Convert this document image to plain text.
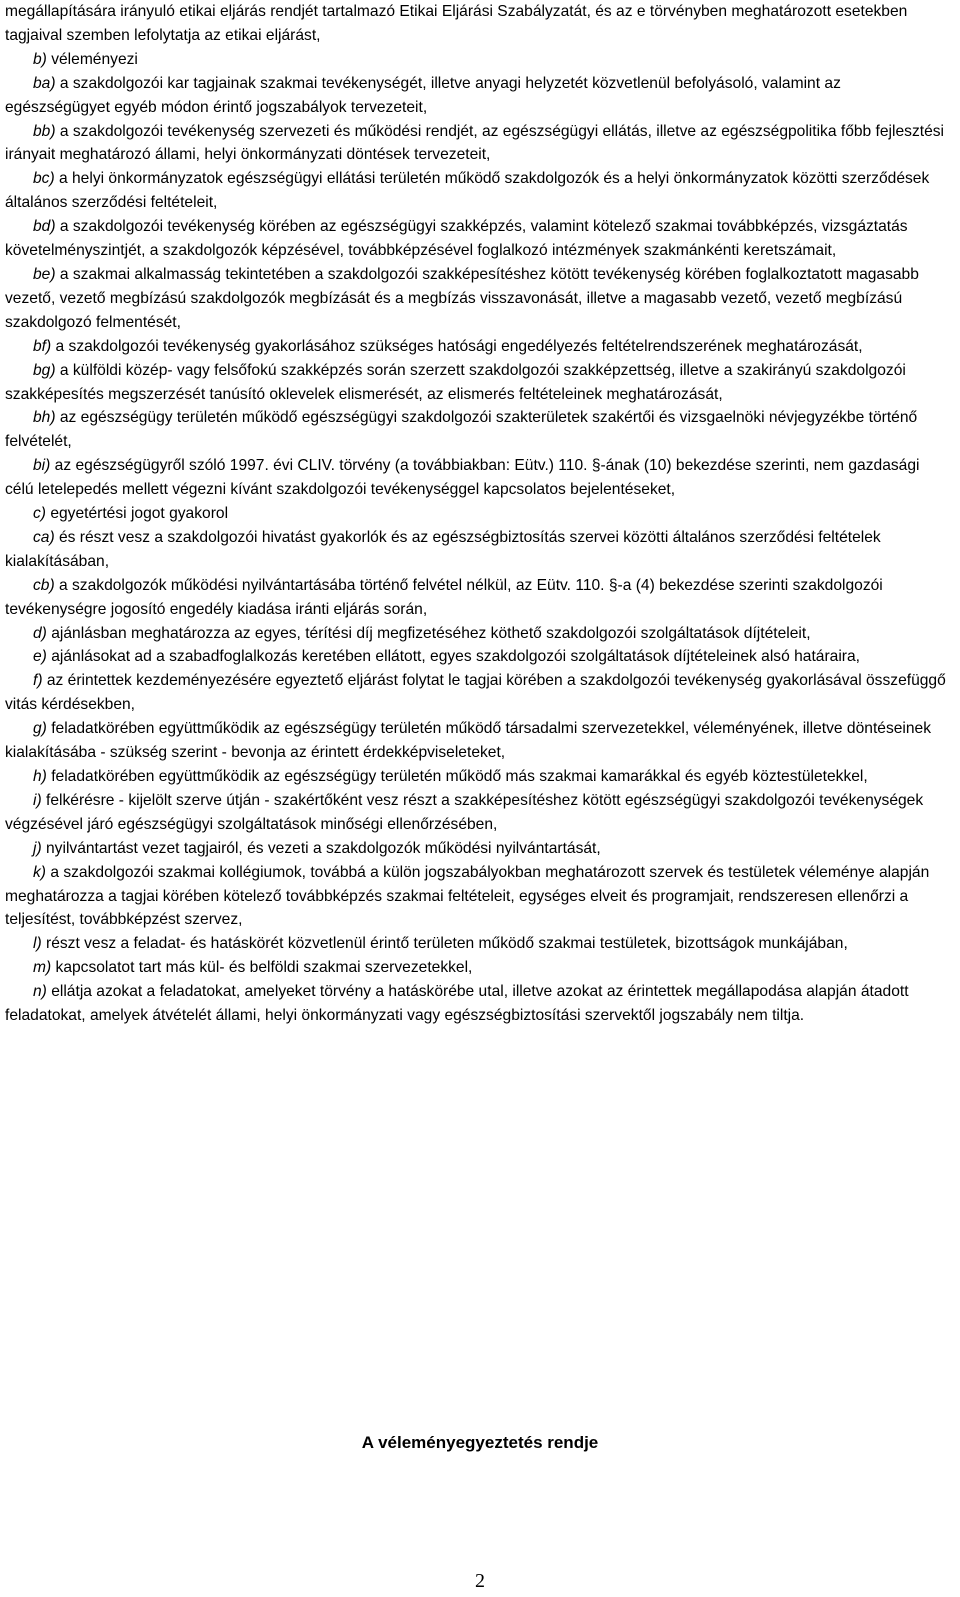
megállapítására irányuló etikai eljárás rendjét tartalmazó Etikai Eljárási Szabályzatát, és az e törvényben meghatározott esetekben tagjaival szemben lefolytatja az etikai eljárást,

b) véleményezi

ba) a szakdolgozói kar tagjainak szakmai tevékenységét, illetve anyagi helyzetét közvetlenül befolyásoló, valamint az egészségügyet egyéb módon érintő jogszabályok tervezeteit,

bb) a szakdolgozói tevékenység szervezeti és működési rendjét, az egészségügyi ellátás, illetve az egészségpolitika főbb fejlesztési irányait meghatározó állami, helyi önkormányzati döntések tervezeteit,

bc) a helyi önkormányzatok egészségügyi ellátási területén működő szakdolgozók és a helyi önkormányzatok közötti szerződések általános szerződési feltételeit,

bd) a szakdolgozói tevékenység körében az egészségügyi szakképzés, valamint kötelező szakmai továbbképzés, vizsgáztatás követelményszintjét, a szakdolgozók képzésével, továbbképzésével foglalkozó intézmények szakmánkénti keretszámait,

be) a szakmai alkalmasság tekintetében a szakdolgozói szakképesítéshez kötött tevékenység körében foglalkoztatott magasabb vezető, vezető megbízású szakdolgozók megbízását és a megbízás visszavonását, illetve a magasabb vezető, vezető megbízású szakdolgozó felmentését,

bf) a szakdolgozói tevékenység gyakorlásához szükséges hatósági engedélyezés feltételrendszerének meghatározását,

bg) a külföldi közép- vagy felsőfokú szakképzés során szerzett szakdolgozói szakképzettség, illetve a szakirányú szakdolgozói szakképesítés megszerzését tanúsító oklevelek elismerését, az elismerés feltételeinek meghatározását,

bh) az egészségügy területén működő egészségügyi szakdolgozói szakterületek szakértői és vizsgaelnöki névjegyzékbe történő felvételét,

bi) az egészségügyről szóló 1997. évi CLIV. törvény (a továbbiakban: Eütv.) 110. §-ának (10) bekezdése szerinti, nem gazdasági célú letelepedés mellett végezni kívánt szakdolgozói tevékenységgel kapcsolatos bejelentéseket,

c) egyetértési jogot gyakorol

ca) és részt vesz a szakdolgozói hivatást gyakorlók és az egészségbiztosítás szervei közötti általános szerződési feltételek kialakításában,

cb) a szakdolgozók működési nyilvántartásába történő felvétel nélkül, az Eütv. 110. §-a (4) bekezdése szerinti szakdolgozói tevékenységre jogosító engedély kiadása iránti eljárás során,

d) ajánlásban meghatározza az egyes, térítési díj megfizetéséhez köthető szakdolgozói szolgáltatások díjtételeit,

e) ajánlásokat ad a szabadfoglalkozás keretében ellátott, egyes szakdolgozói szolgáltatások díjtételeinek alsó határaira,

f) az érintettek kezdeményezésére egyeztető eljárást folytat le tagjai körében a szakdolgozói tevékenység gyakorlásával összefüggő vitás kérdésekben,

g) feladatkörében együttműködik az egészségügy területén működő társadalmi szervezetekkel, véleményének, illetve döntéseinek kialakításába - szükség szerint - bevonja az érintett érdekképviseleteket,

h) feladatkörében együttműködik az egészségügy területén működő más szakmai kamarákkal és egyéb köztestületekkel,

i) felkérésre - kijelölt szerve útján - szakértőként vesz részt a szakképesítéshez kötött egészségügyi szakdolgozói tevékenységek végzésével járó egészségügyi szolgáltatások minőségi ellenőrzésében,

j) nyilvántartást vezet tagjairól, és vezeti a szakdolgozók működési nyilvántartását,

k) a szakdolgozói szakmai kollégiumok, továbbá a külön jogszabályokban meghatározott szervek és testületek véleménye alapján meghatározza a tagjai körében kötelező továbbképzés szakmai feltételeit, egységes elveit és programjait, rendszeresen ellenőrzi a teljesítést, továbbképzést szervez,

l) részt vesz a feladat- és hatáskörét közvetlenül érintő területen működő szakmai testületek, bizottságok munkájában,

m) kapcsolatot tart más kül- és belföldi szakmai szervezetekkel,

n) ellátja azokat a feladatokat, amelyeket törvény a hatáskörébe utal, illetve azokat az érintettek megállapodása alapján átadott feladatokat, amelyek átvételét állami, helyi önkormányzati vagy egészségbiztosítási szervektől jogszabály nem tiltja.

A véleményegyeztetés rendje

2
